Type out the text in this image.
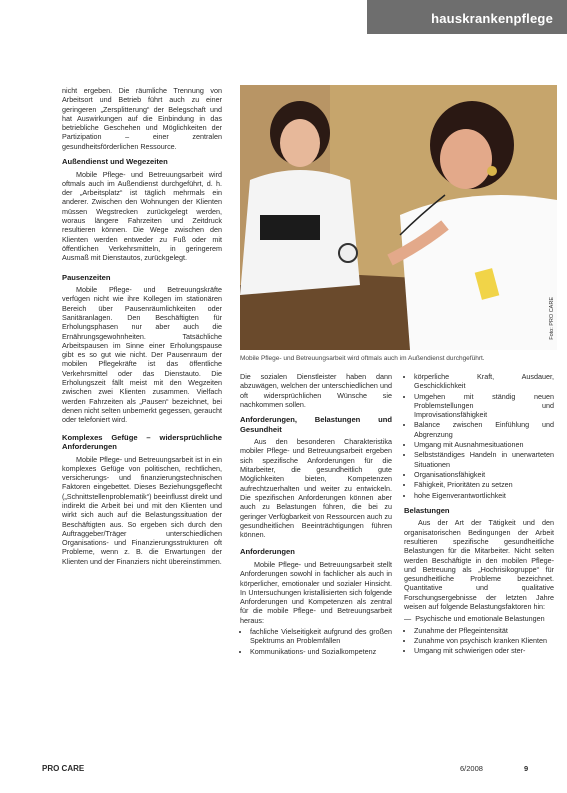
hauskrankenpflege
Foto: PRO CARE
Mobile Pflege- und Betreuungsarbeit wird oftmals auch im Außendienst durchgeführt.

nicht ergeben. Die räumliche Trennung von Arbeitsort und Betrieb führt auch zu einer geringeren „Zersplitterung“ der Belegschaft und hat Auswirkungen auf die Einbindung in das betriebliche Geschehen und Möglichkeiten der Partizipation – einer zentralen gesundheitsförderlichen Ressource.

Außendienst und Wegezeiten

Mobile Pflege- und Betreuungsarbeit wird oftmals auch im Außendienst durchgeführt, d. h. der „Arbeitsplatz“ ist täglich mehrmals ein anderer. Zwischen den Wohnungen der Klienten müssen Wegstrecken zurückgelegt werden, woraus längere Fahrzeiten und Zeitdruck resultieren können. Die Wege zwischen den Klienten werden entweder zu Fuß oder mit öffentlichen Verkehrsmitteln, in geringerem Ausmaß mit Dienstautos, zurückgelegt.

Pausenzeiten

Mobile Pflege- und Betreuungskräfte verfügen nicht wie ihre Kollegen im stationären Bereich über Pausenräumlichkeiten oder Sanitäranlagen. Den Beschäftigten für Erholungsphasen nur aber auch die Ernährungsgewohnheiten. Tatsächliche Arbeitspausen im Sinne einer Erholungspause gibt es so gut wie nicht. Der Pausenraum der mobilen Pflegekräfte ist das öffentliche Verkehrsmittel oder das Dienstauto. Die Erholungszeit fällt meist mit den Wegzeiten zwischen zwei Klienten zusammen. Vielfach werden Fahrzeiten als „Pausen“ bezeichnet, bei denen nicht selten unbemerkt gegessen, geraucht oder telefoniert wird.

Komplexes Gefüge – widersprüchliche Anforderungen

Mobile Pflege- und Betreuungsarbeit ist in ein komplexes Gefüge von politischen, rechtlichen, versicherungs- und finanzierungstechnischen Faktoren eingebettet. Dieses Beziehungsgeflecht („Schnittstellenproblematik“) beeinflusst direkt und indirekt die Arbeit bei und mit den Klienten und wirkt sich auch auf die Belastungssituation der Beschäftigten aus. So ergeben sich durch den Auftraggeber/Träger unterschiedlichen Organisations- und Finanzierungsstrukturen oft Probleme, wenn z. B. die Erwartungen der Klienten und der Finanziers nicht übereinstimmen.

Die sozialen Dienstleister haben dann abzuwägen, welchen der unterschiedlichen und oft widersprüchlichen Wünsche sie nachkommen sollen.

Anforderungen, Belastungen und Gesundheit

Aus den besonderen Charakteristika mobiler Pflege- und Betreuungsarbeit ergeben sich spezifische Anforderungen für die Mitarbeiter, die gesundheitlich gute Möglichkeiten bieten, Kompetenzen aufrechtzuerhalten und weiter zu entwickeln. Die spezifischen Anforderungen können aber auch zu Belastungen führen, die bei zu geringer Verfügbarkeit von Ressourcen auch zu gesundheitlichen Beeinträchtigungen führen können.

Anforderungen

Mobile Pflege- und Betreuungsarbeit stellt Anforderungen sowohl in fachlicher als auch in körperlicher, emotionaler und sozialer Hinsicht. In Untersuchungen kristallisierten sich folgende Anforderungen und Kompetenzen als zentral für die mobile Pflege- und Betreuungsarbeit heraus:

• fachliche Vielseitigkeit aufgrund des großen Spektrums an Problemfällen
• Kommunikations- und Sozialkompetenz
• körperliche Kraft, Ausdauer, Geschicklichkeit
• Umgehen mit ständig neuen Problemstellungen und Improvisationsfähigkeit
• Balance zwischen Einfühlung und Abgrenzung
• Umgang mit Ausnahmesituationen
• Selbstständiges Handeln in unerwarteten Situationen
• Organisationsfähigkeit
• Fähigkeit, Prioritäten zu setzen
• hohe Eigenverantwortlichkeit
Belastungen

Aus der Art der Tätigkeit und den organisatorischen Bedingungen der Arbeit resultieren spezifische gesundheitliche Belastungen für die Mitarbeiter. Nicht selten werden Beschäftigte in den mobilen Pflege- und Betreuung als „Hochrisikogruppe“ für gesundheitliche Probleme bezeichnet. Quantitative und qualitative Forschungsergebnisse der letzten Jahre weisen auf folgende Belastungsfaktoren hin:

—  Psychische und emotionale Belastungen

• Zunahme der Pflegeintensität
• Zunahme von psychisch kranken Klienten
• Umgang mit schwierigen oder ster-
PRO CARE	6/2008	9
